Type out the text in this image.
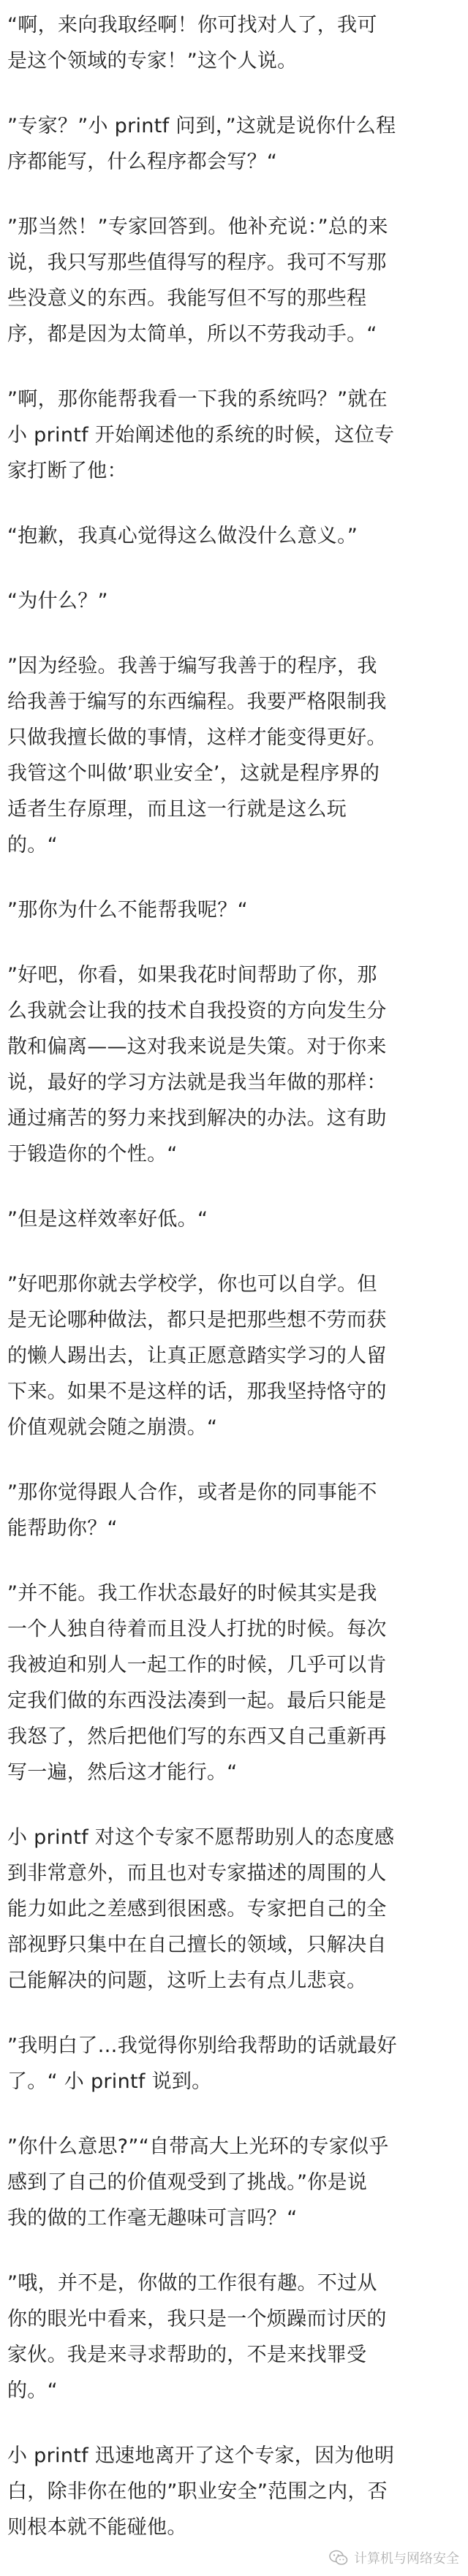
“啊，来向我取经啊！你可找对人了，我可
是这个领域的专家！”这个人说。

”专家？”小 printf 问到，”这就是说你什么程
序都能写，什么程序都会写？“

”那当然！”专家回答到。他补充说：”总的来
说，我只写那些值得写的程序。我可不写那
些没意义的东西。我能写但不写的那些程
序，都是因为太简单，所以不劳我动手。“

”啊，那你能帮我看一下我的系统吗？”就在
小 printf 开始阐述他的系统的时候，这位专
家打断了他：

“抱歉，我真心觉得这么做没什么意义。”

“为什么？”

”因为经验。我善于编写我善于的程序，我
给我善于编写的东西编程。我要严格限制我
只做我擅长做的事情，这样才能变得更好。
我管这个叫做’职业安全’，这就是程序界的
适者生存原理，而且这一行就是这么玩
的。“

”那你为什么不能帮我呢？“

”好吧，你看，如果我花时间帮助了你，那
么我就会让我的技术自我投资的方向发生分
散和偏离——这对我来说是失策。对于你来
说，最好的学习方法就是我当年做的那样：
通过痛苦的努力来找到解决的办法。这有助
于锻造你的个性。“

”但是这样效率好低。“

”好吧那你就去学校学，你也可以自学。但
是无论哪种做法，都只是把那些想不劳而获
的懒人踢出去，让真正愿意踏实学习的人留
下来。如果不是这样的话，那我坚持恪守的
价值观就会随之崩溃。“

”那你觉得跟人合作，或者是你的同事能不
能帮助你？“

”并不能。我工作状态最好的时候其实是我
一个人独自待着而且没人打扰的时候。每次
我被迫和别人一起工作的时候，几乎可以肯
定我们做的东西没法凑到一起。最后只能是
我怒了，然后把他们写的东西又自己重新再
写一遍，然后这才能行。“

小 printf 对这个专家不愿帮助别人的态度感
到非常意外，而且也对专家描述的周围的人
能力如此之差感到很困惑。专家把自己的全
部视野只集中在自己擅长的领域，只解决自
己能解决的问题，这听上去有点儿悲哀。

”我明白了…我觉得你别给我帮助的话就最好
了。“ 小 printf 说到。

”你什么意思?”“自带高大上光环的专家似乎
感到了自己的价值观受到了挑战。”你是说
我的做的工作毫无趣味可言吗？“

”哦，并不是，你做的工作很有趣。不过从
你的眼光中看来，我只是一个烦躁而讨厌的
家伙。我是来寻求帮助的，不是来找罪受
的。“

小 printf 迅速地离开了这个专家，因为他明
白，除非你在他的”职业安全”范围之内，否
则根本就不能碰他。

计算机与网络安全
